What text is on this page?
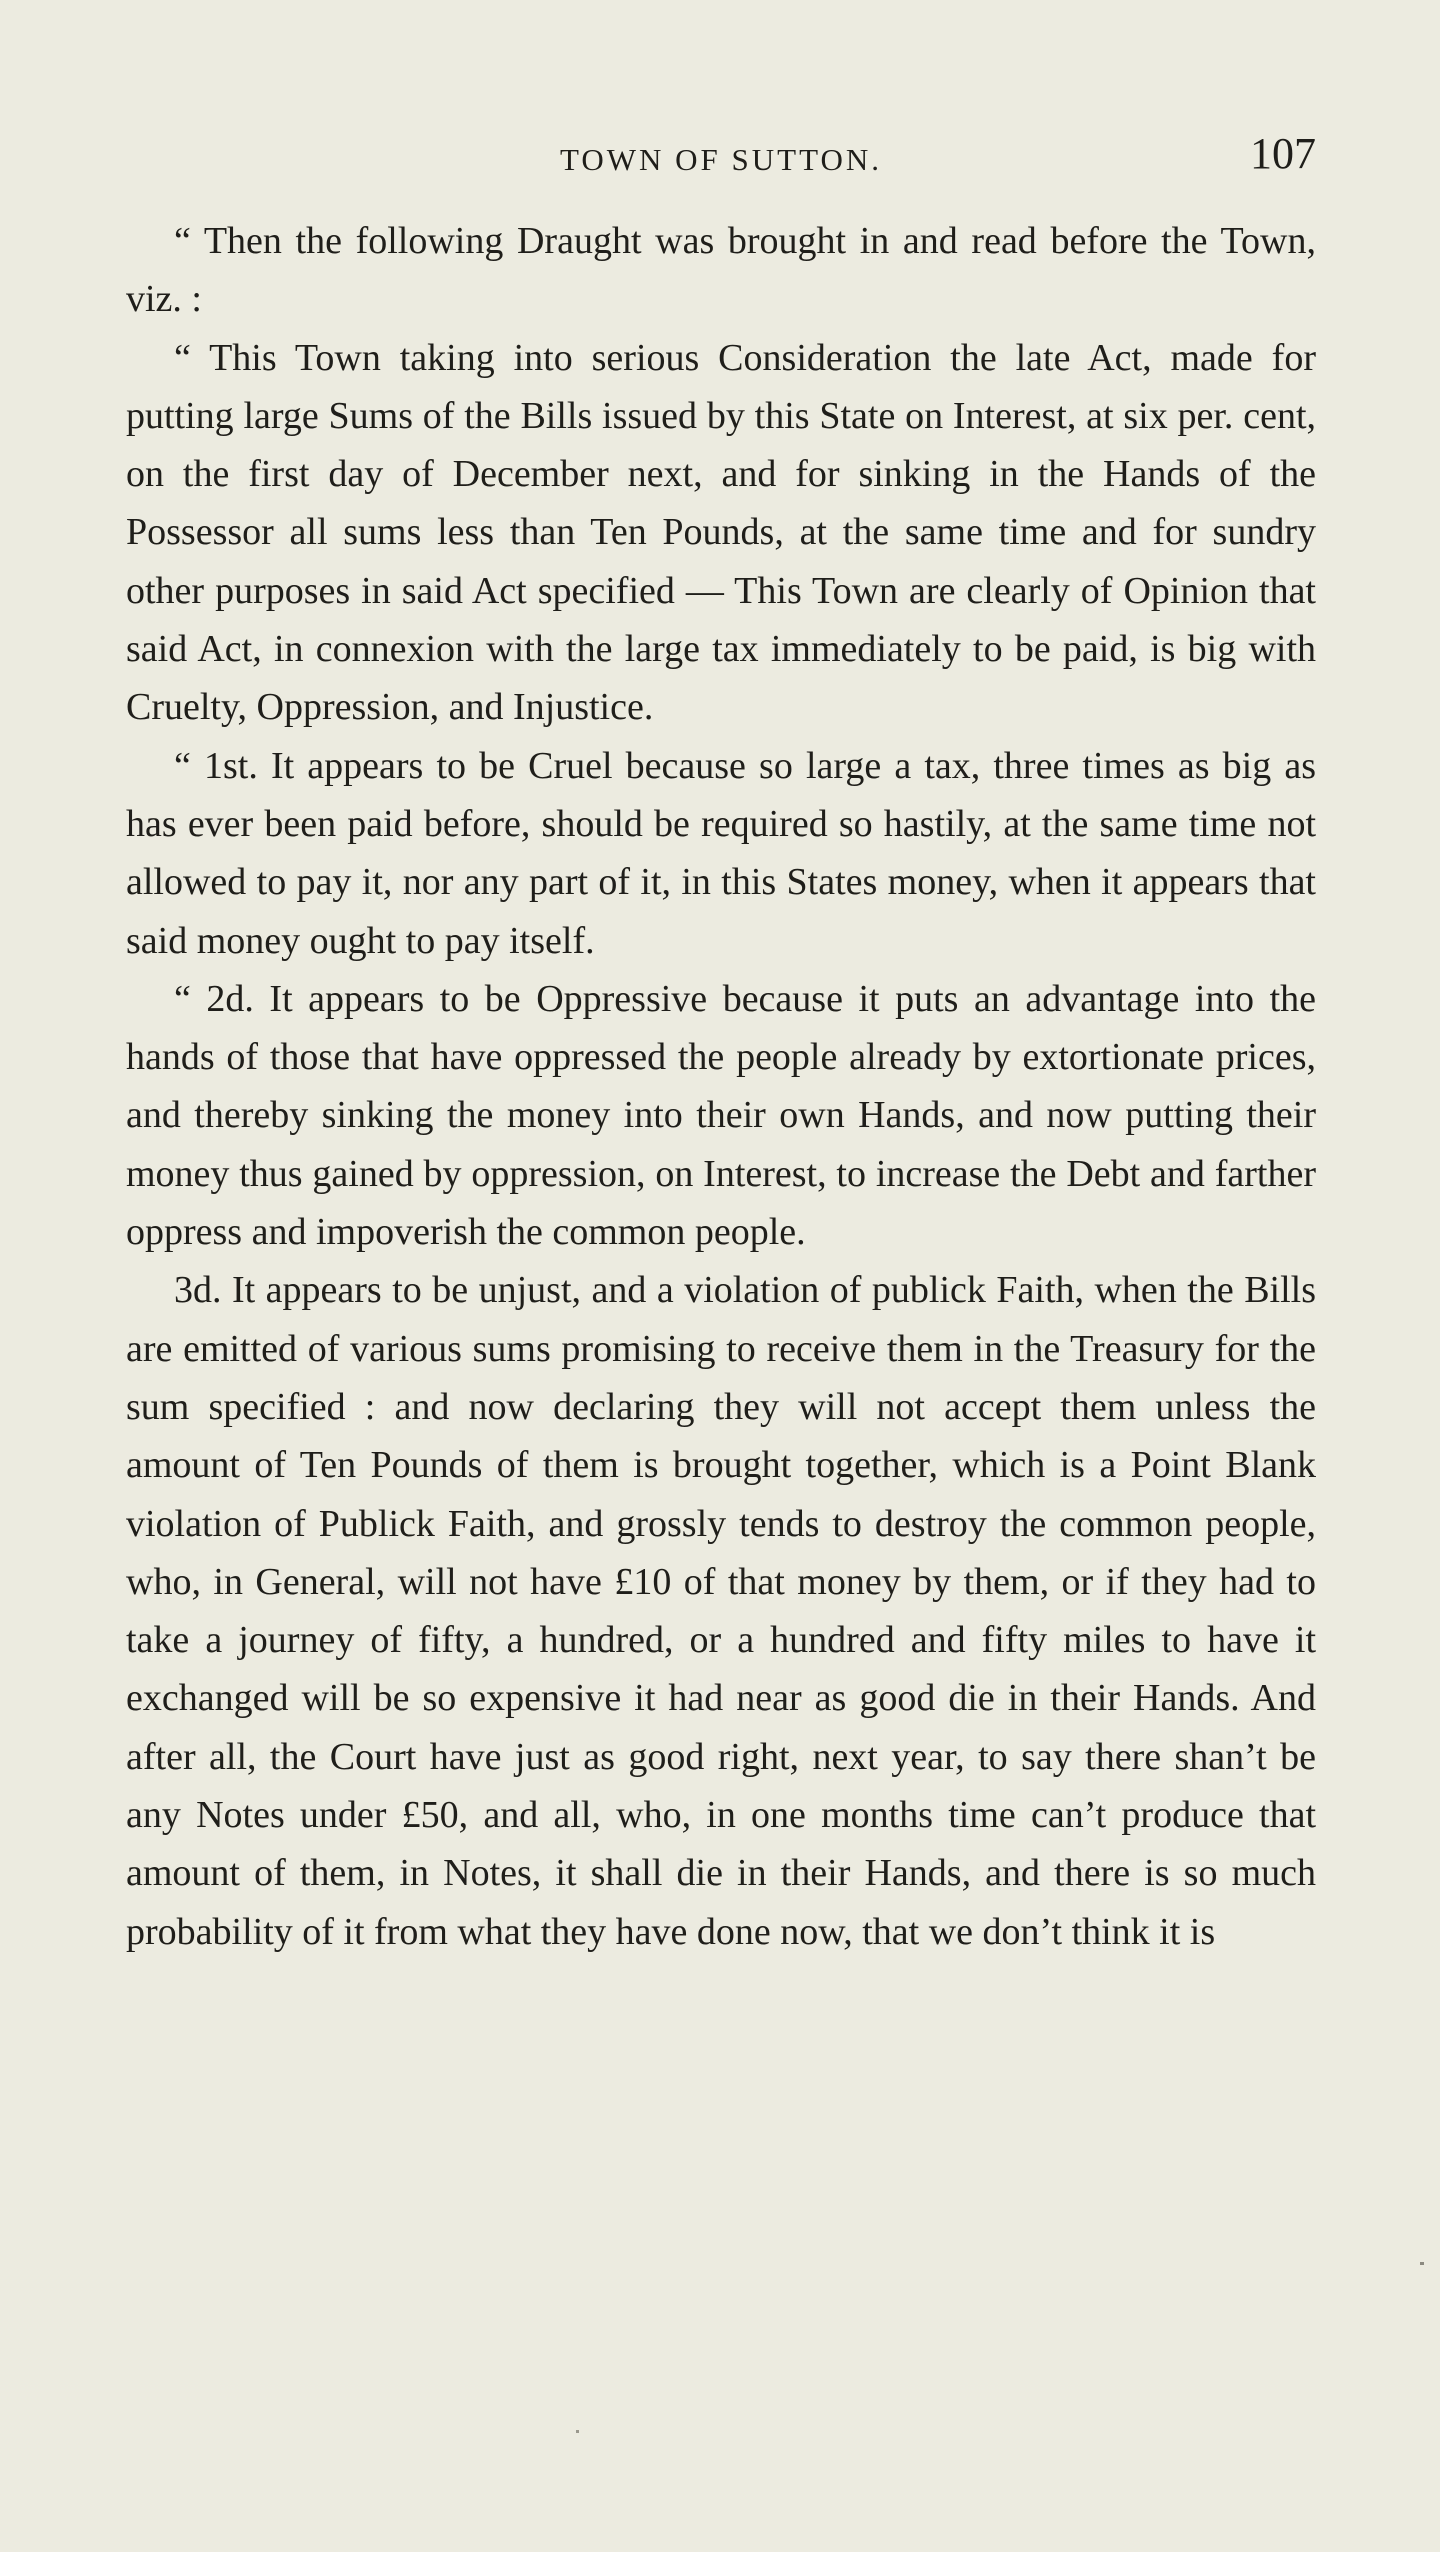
TOWN OF SUTTON.	107

“ Then the following Draught was brought in and read before the Town, viz. :

“ This Town taking into serious Consideration the late Act, made for putting large Sums of the Bills issued by this State on Interest, at six per. cent, on the first day of December next, and for sinking in the Hands of the Possessor all sums less than Ten Pounds, at the same time and for sundry other purposes in said Act specified — This Town are clearly of Opinion that said Act, in connexion with the large tax immediately to be paid, is big with Cruelty, Oppression, and Injustice.

“ 1st. It appears to be Cruel because so large a tax, three times as big as has ever been paid before, should be required so hastily, at the same time not allowed to pay it, nor any part of it, in this States money, when it appears that said money ought to pay itself.

“ 2d. It appears to be Oppressive because it puts an advantage into the hands of those that have oppressed the people already by extortionate prices, and thereby sinking the money into their own Hands, and now putting their money thus gained by oppression, on Interest, to increase the Debt and farther oppress and impoverish the common people.

3d. It appears to be unjust, and a violation of publick Faith, when the Bills are emitted of various sums promising to receive them in the Treasury for the sum specified : and now declaring they will not accept them unless the amount of Ten Pounds of them is brought together, which is a Point Blank violation of Publick Faith, and grossly tends to destroy the common people, who, in General, will not have £10 of that money by them, or if they had to take a journey of fifty, a hundred, or a hundred and fifty miles to have it exchanged will be so expensive it had near as good die in their Hands. And after all, the Court have just as good right, next year, to say there shan’t be any Notes under £50, and all, who, in one months time can’t produce that amount of them, in Notes, it shall die in their Hands, and there is so much probability of it from what they have done now, that we don’t think it is
